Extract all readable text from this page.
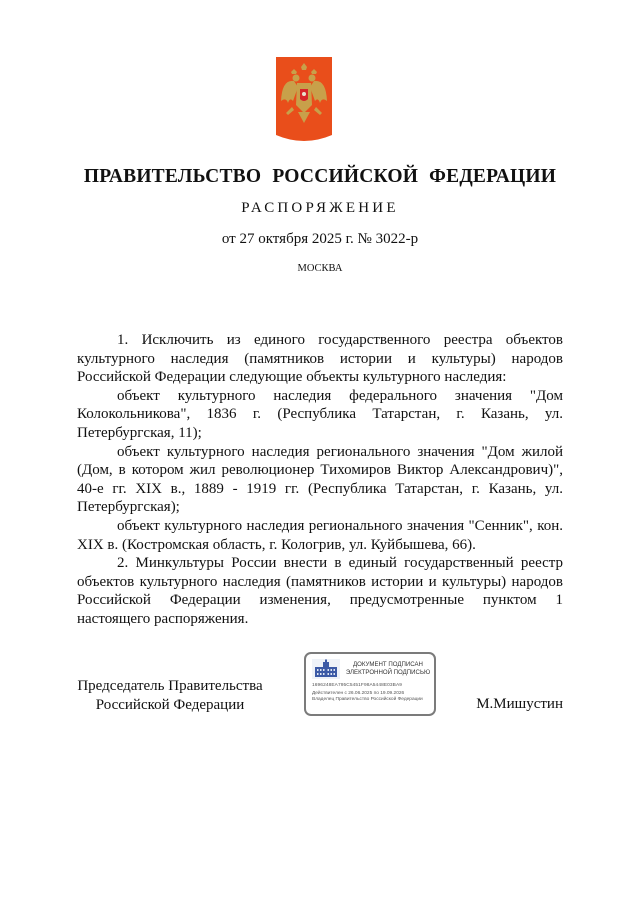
ПРАВИТЕЛЬСТВО РОССИЙСКОЙ ФЕДЕРАЦИИ
РАСПОРЯЖЕНИЕ
от 27 октября 2025 г. № 3022-р
МОСКВА

1. Исключить из единого государственного реестра объектов культурного наследия (памятников истории и культуры) народов Российской Федерации следующие объекты культурного наследия:

объект культурного наследия федерального значения "Дом Колокольникова", 1836 г. (Республика Татарстан, г. Казань, ул. Петербургская, 11);

объект культурного наследия регионального значения "Дом жилой (Дом, в котором жил революционер Тихомиров Виктор Александрович)", 40-е гг. XIX в., 1889 - 1919 гг. (Республика Татарстан, г. Казань, ул. Петербургская);

объект культурного наследия регионального значения "Сенник", кон. XIX в. (Костромская область, г. Кологрив, ул. Куйбышева, 66).

2. Минкультуры России внести в единый государственный реестр объектов культурного наследия (памятников истории и культуры) народов Российской Федерации изменения, предусмотренные пунктом 1 настоящего распоряжения.

Председатель Правительства
Российской Федерации
ДОКУМЕНТ ПОДПИСАН
ЭЛЕКТРОННОЙ ПОДПИСЬЮ
1696248EA795C5451F98A5448E03BA9
Действителен с 26.06.2025 по 19.09.2026
Владелец Правительство Российской Федерации	М.Мишустин
